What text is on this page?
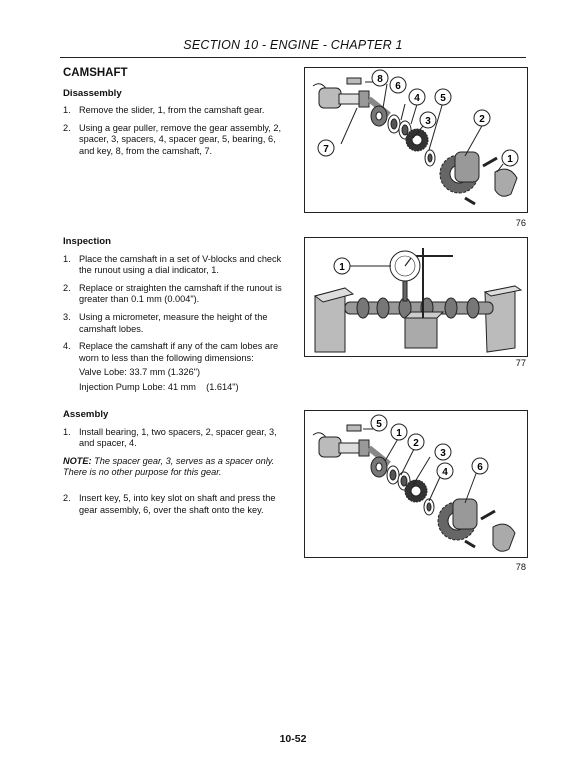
SECTION 10 - ENGINE - CHAPTER 1
CAMSHAFT
Disassembly
1. Remove the slider, 1, from the camshaft gear.
2. Using a gear puller, remove the gear assembly, 2, spacer, 3, spacers, 4, spacer gear, 5, bearing, 6, and key, 8, from the camshaft, 7.
Inspection
1. Place the camshaft in a set of V-blocks and check the runout using a dial indicator, 1.
2. Replace or straighten the camshaft if the runout is greater than 0.1 mm (0.004").
3. Using a micrometer, measure the height of the camshaft lobes.
4. Replace the camshaft if any of the cam lobes are worn to less than the following dimensions:
Valve Lobe: 33.7 mm (1.326")
Injection Pump Lobe: 41 mm    (1.614")
Assembly
1. Install bearing, 1, two spacers, 2, spacer gear, 3, and spacer, 4.
NOTE: The spacer gear, 3, serves as a spacer only. There is no other purpose for this gear.
2. Insert key, 5, into key slot on shaft and press the gear assembly, 6, over the shaft onto the key.
8
6
4 5
3	2
7
1
76
1
77
5
1
2
3
4	6
78
10-52
